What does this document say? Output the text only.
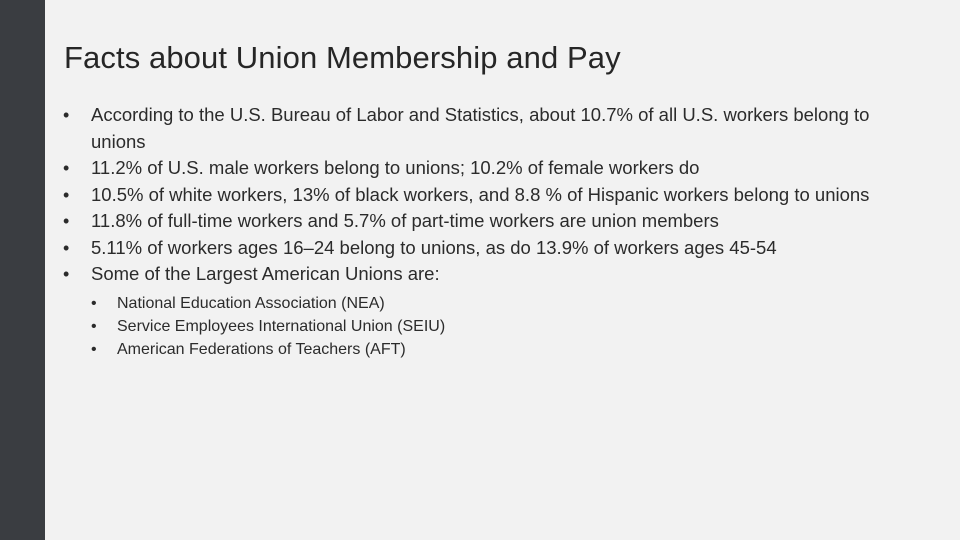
Facts about Union Membership and Pay
• According to the U.S. Bureau of Labor and Statistics, about 10.7% of all U.S. workers belong to unions
• 11.2% of U.S. male workers belong to unions; 10.2% of female workers do
• 10.5% of white workers, 13% of black workers, and 8.8 % of Hispanic workers belong to unions
• 11.8% of full-time workers and 5.7% of part-time workers are union members
• 5.11% of workers ages 16–24 belong to unions, as do 13.9% of workers ages 45-54
• Some of the Largest American Unions are:
• National Education Association (NEA)
• Service Employees International Union (SEIU)
• American Federations of Teachers (AFT)
